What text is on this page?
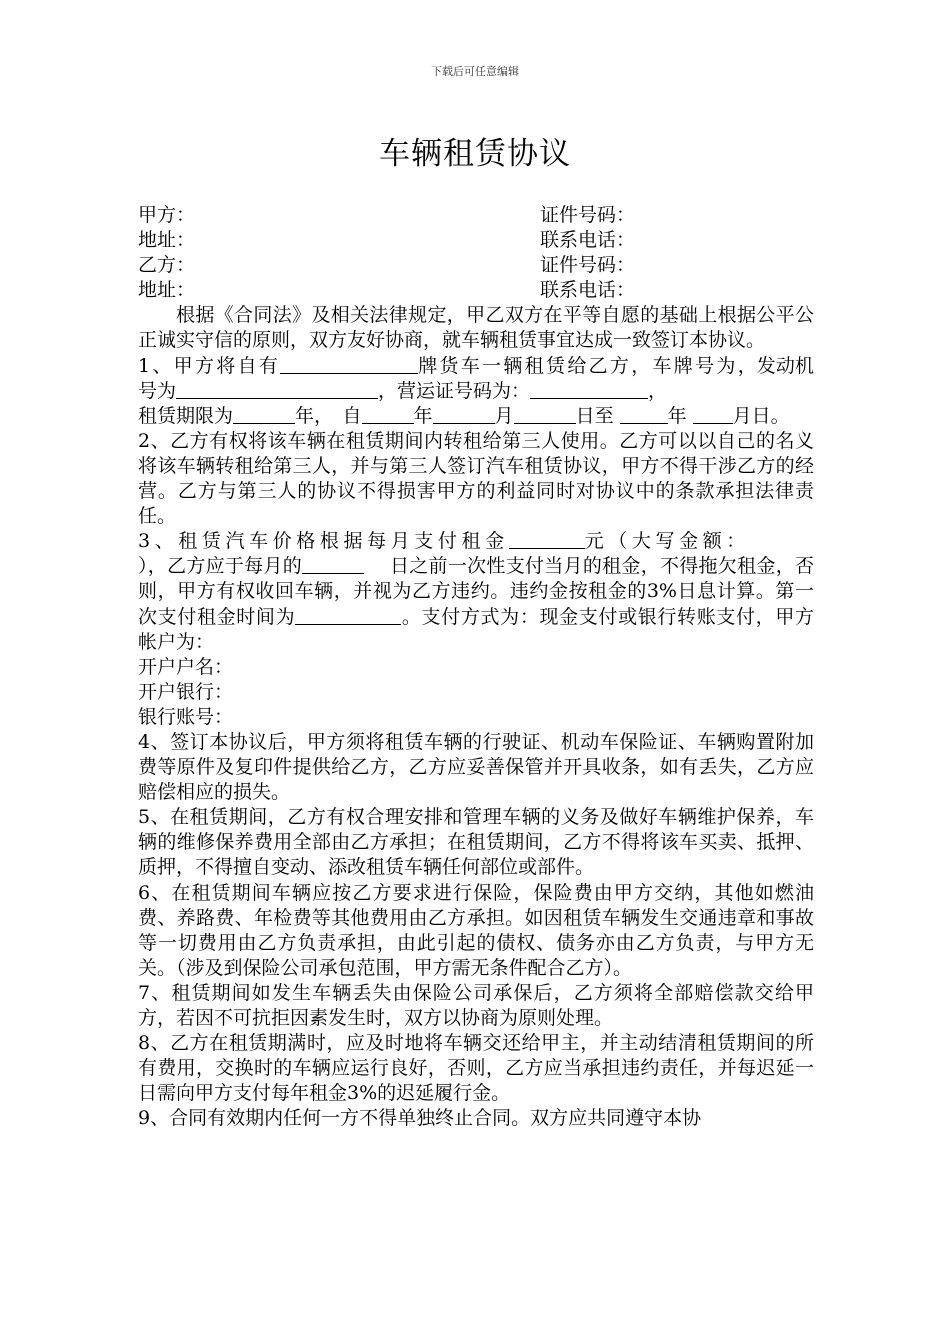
下载后可任意编辑
车辆租赁协议
甲方：	证件号码：
地址：	联系电话：
乙方：	证件号码：
地址：	联系电话：

根据《合同法》及相关法律规定，甲乙双方在平等自愿的基础上根据公平公正诚实守信的原则，双方友好协商，就车辆租赁事宜达成一致签订本协议。

1、甲方将自有	牌货车一辆租赁给乙方，车牌号为，发动机号为	，营运证号码为：	，
租赁期限为	年，　自	年	月	日至	年 月日。

2、乙方有权将该车辆在租赁期间内转租给第三人使用。乙方可以以自己的名义将该车辆转租给第三人，并与第三人签订汽车租赁协议，甲方不得干涉乙方的经营。乙方与第三人的协议不得损害甲方的利益同时对协议中的条款承担法律责任。

3、租赁汽车价格根据每月支付租金	元（大写金额：
），乙方应于每月的	　 日之前一次性支付当月的租金，不得拖欠租金，否则，甲方有权收回车辆，并视为乙方违约。违约金按租金的3%日息计算。第一次支付租金时间为	。支付方式为：现金支付或银行转账支付，甲方帐户为：

开户户名：
开户银行：
银行账号：

4、签订本协议后，甲方须将租赁车辆的行驶证、机动车保险证、车辆购置附加费等原件及复印件提供给乙方，乙方应妥善保管并开具收条，如有丢失，乙方应赔偿相应的损失。

5、在租赁期间，乙方有权合理安排和管理车辆的义务及做好车辆维护保养，车辆的维修保养费用全部由乙方承担；在租赁期间，乙方不得将该车买卖、抵押、质押，不得擅自变动、添改租赁车辆任何部位或部件。

6、在租赁期间车辆应按乙方要求进行保险，保险费由甲方交纳，其他如燃油费、养路费、年检费等其他费用由乙方承担。如因租赁车辆发生交通违章和事故等一切费用由乙方负责承担，由此引起的债权、债务亦由乙方负责，与甲方无关。（涉及到保险公司承包范围，甲方需无条件配合乙方）。

7、租赁期间如发生车辆丢失由保险公司承保后，乙方须将全部赔偿款交给甲方，若因不可抗拒因素发生时，双方以协商为原则处理。

8、乙方在租赁期满时，应及时地将车辆交还给甲主，并主动结清租赁期间的所有费用，交换时的车辆应运行良好，否则，乙方应当承担违约责任，并每迟延一日需向甲方支付每年租金3%的迟延履行金。

9、合同有效期内任何一方不得单独终止合同。双方应共同遵守本协
